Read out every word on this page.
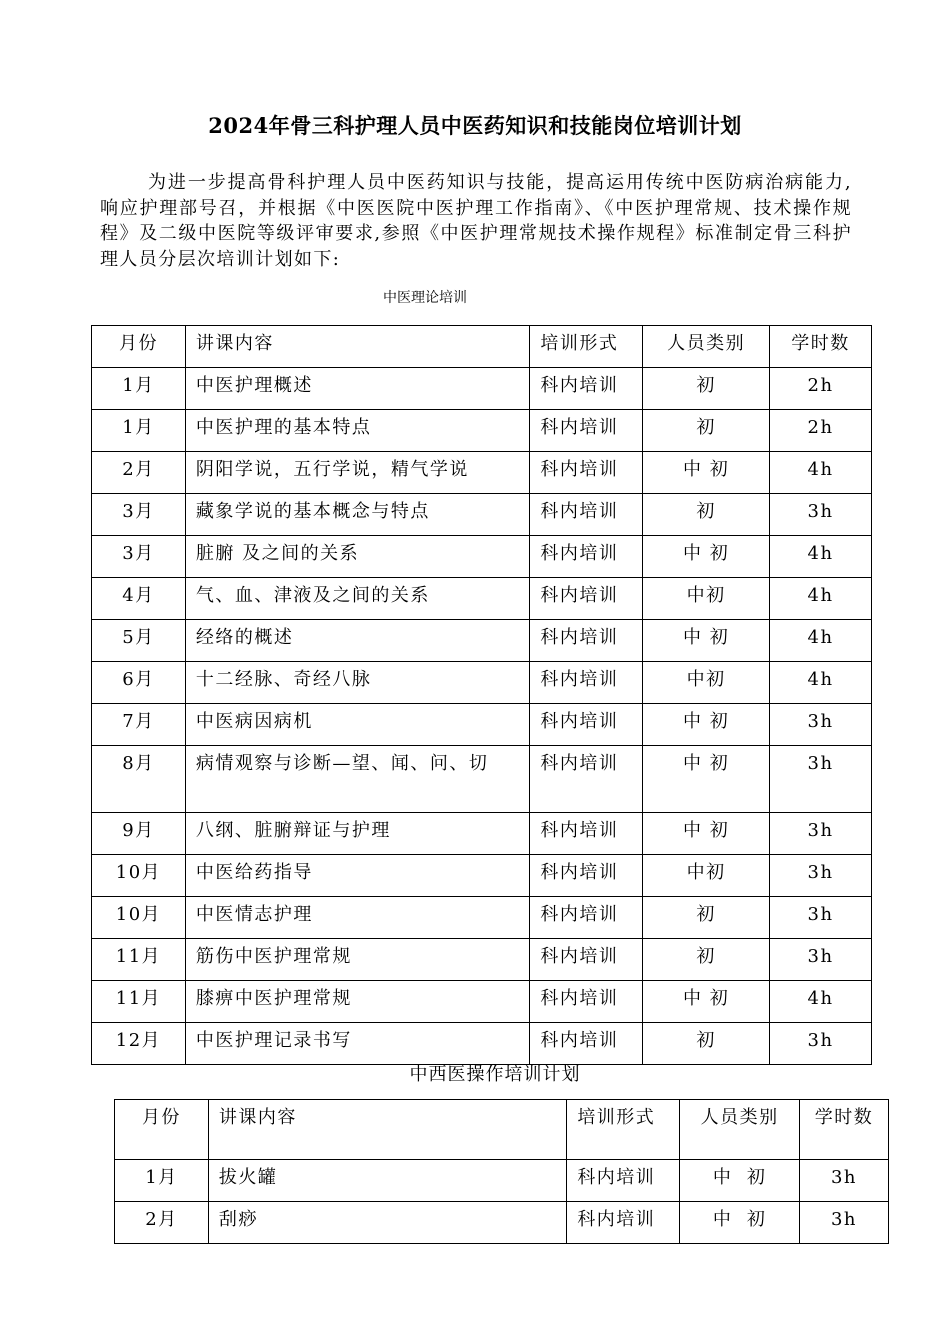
2024年骨三科护理人员中医药知识和技能岗位培训计划
为进一步提高骨科护理人员中医药知识与技能，提高运用传统中医防病治病能力,响应护理部号召，并根据《中医医院中医护理工作指南》、《中医护理常规、技术操作规程》及二级中医院等级评审要求,参照《中医护理常规技术操作规程》标准制定骨三科护理人员分层次培训计划如下:
中医理论培训
月份	讲课内容	培训形式	人员类别	学时数
1月	中医护理概述	科内培训	初	2h
1月	中医护理的基本特点	科内培训	初	2h
2月	阴阳学说，五行学说，精气学说	科内培训	中 初	4h
3月	藏象学说的基本概念与特点	科内培训	初	3h
3月	脏腑 及之间的关系	科内培训	中 初	4h
4月	气、血、津液及之间的关系	科内培训	中初	4h
5月	经络的概述	科内培训	中 初	4h
6月	十二经脉、奇经八脉	科内培训	中初	4h
7月	中医病因病机	科内培训	中 初	3h
8月	病情观察与诊断—望、闻、问、切	科内培训	中 初	3h
9月	八纲、脏腑辩证与护理	科内培训	中 初	3h
10月	中医给药指导	科内培训	中初	3h
10月	中医情志护理	科内培训	初	3h
11月	筋伤中医护理常规	科内培训	初	3h
11月	膝痹中医护理常规	科内培训	中 初	4h
12月	中医护理记录书写	科内培训	初	3h
中西医操作培训计划
月份	讲课内容	培训形式	人员类别	学时数
1月	拔火罐	科内培训	中  初	3h
2月	刮痧	科内培训	中  初	3h
